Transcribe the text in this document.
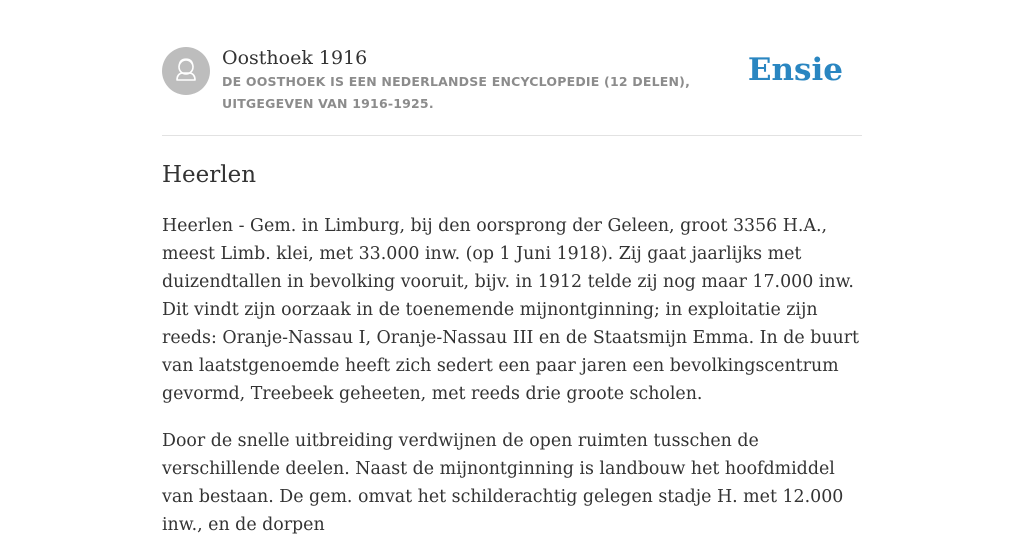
Oosthoek 1916
DE OOSTHOEK IS EEN NEDERLANDSE ENCYCLOPEDIE (12 DELEN), UITGEGEVEN VAN 1916-1925.
Ensie
Heerlen

Heerlen - Gem. in Limburg, bij den oorsprong der Geleen, groot 3356 H.A., meest Limb. klei, met 33.000 inw. (op 1 Juni 1918). Zij gaat jaarlijks met duizendtallen in bevolking vooruit, bijv. in 1912 telde zij nog maar 17.000 inw. Dit vindt zijn oorzaak in de toenemende mijnontginning; in exploitatie zijn reeds: Oranje-Nassau I, Oranje-Nassau III en de Staatsmijn Emma. In de buurt van laatstgenoemde heeft zich sedert een paar jaren een bevolkingscentrum gevormd, Treebeek geheeten, met reeds drie groote scholen.

Door de snelle uitbreiding verdwijnen de open ruimten tusschen de verschillende deelen. Naast de mijnontginning is landbouw het hoofdmiddel van bestaan. De gem. omvat het schilderachtig gelegen stadje H. met 12.000 inw., en de dorpen
